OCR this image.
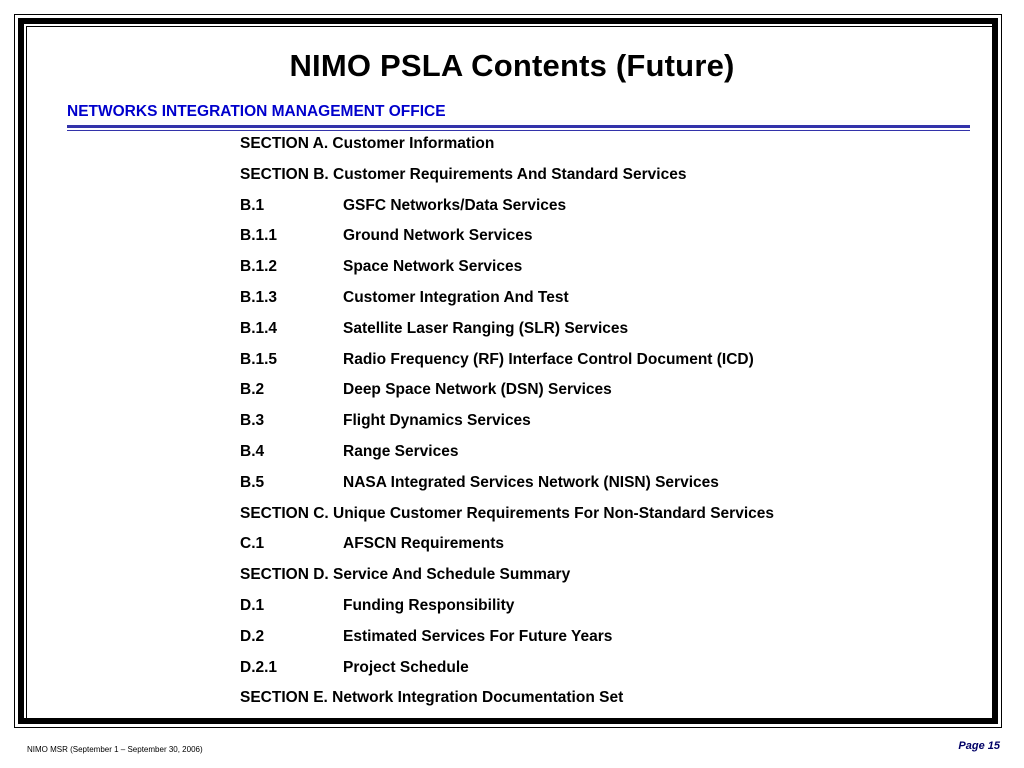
NIMO PSLA Contents (Future)
NETWORKS INTEGRATION MANAGEMENT OFFICE
SECTION A. Customer Information
SECTION B. Customer Requirements And Standard Services
B.1	GSFC Networks/Data Services
B.1.1	Ground Network Services
B.1.2	Space Network Services
B.1.3	Customer Integration And Test
B.1.4	Satellite Laser Ranging (SLR) Services
B.1.5	Radio Frequency (RF) Interface Control Document (ICD)
B.2	Deep Space Network (DSN) Services
B.3	Flight Dynamics Services
B.4	Range Services
B.5	NASA Integrated Services Network (NISN) Services
SECTION C. Unique Customer Requirements For Non-Standard Services
C.1	AFSCN Requirements
SECTION D. Service And Schedule Summary
D.1	Funding Responsibility
D.2	Estimated Services For Future Years
D.2.1	Project Schedule
SECTION E. Network Integration Documentation Set
NIMO MSR (September 1 – September 30, 2006)	Page 15
